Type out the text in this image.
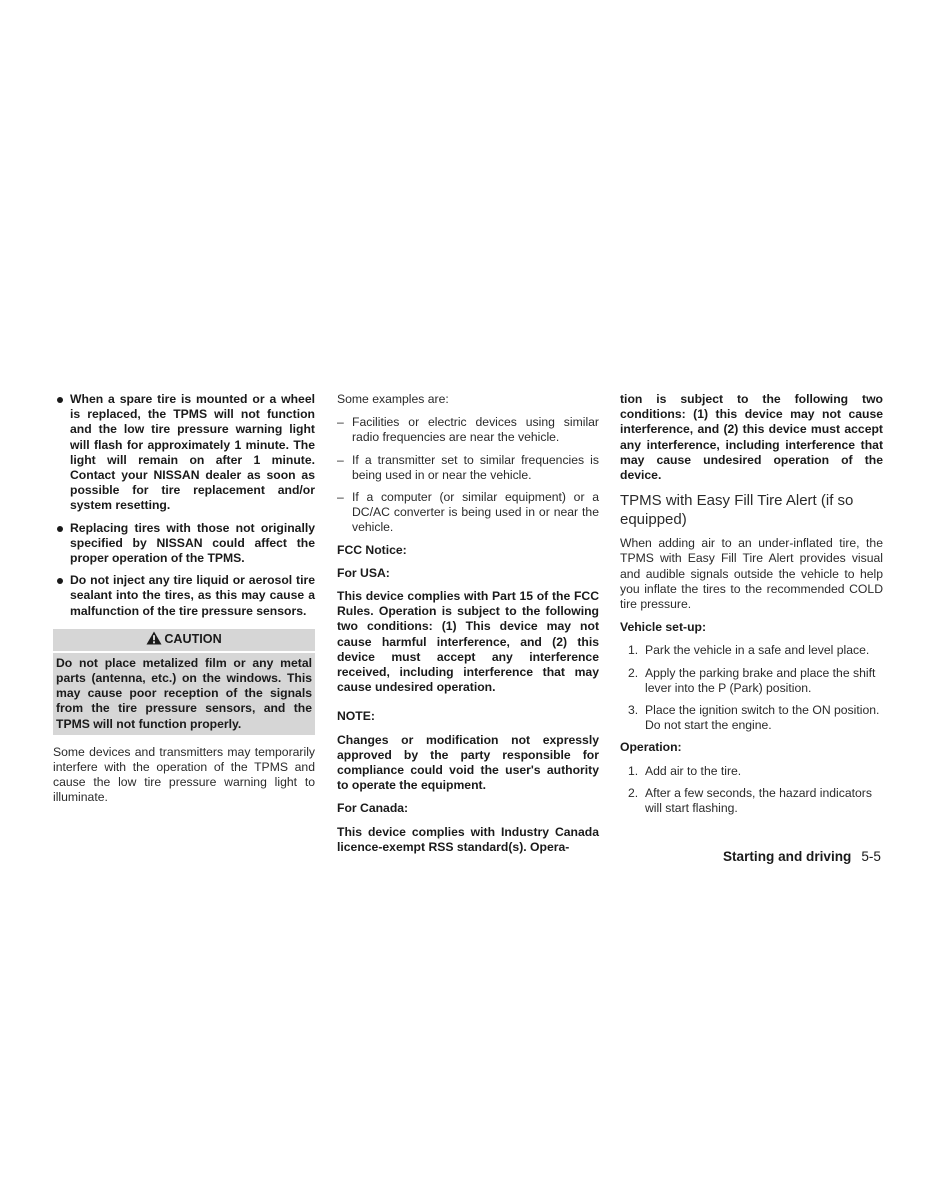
When a spare tire is mounted or a wheel is replaced, the TPMS will not function and the low tire pressure warning light will flash for approximately 1 minute. The light will remain on after 1 minute. Contact your NISSAN dealer as soon as possible for tire replacement and/or system resetting.

Replacing tires with those not originally specified by NISSAN could affect the proper operation of the TPMS.

Do not inject any tire liquid or aerosol tire sealant into the tires, as this may cause a malfunction of the tire pressure sensors.

CAUTION

Do not place metalized film or any metal parts (antenna, etc.) on the windows. This may cause poor reception of the signals from the tire pressure sensors, and the TPMS will not function properly.

Some devices and transmitters may temporarily interfere with the operation of the TPMS and cause the low tire pressure warning light to illuminate.

Some examples are:

– Facilities or electric devices using similar radio frequencies are near the vehicle.
– If a transmitter set to similar frequencies is being used in or near the vehicle.
– If a computer (or similar equipment) or a DC/AC converter is being used in or near the vehicle.

FCC Notice:

For USA:

This device complies with Part 15 of the FCC Rules. Operation is subject to the following two conditions: (1) This device may not cause harmful interference, and (2) this device must accept any interference received, including interference that may cause undesired operation.

NOTE:

Changes or modification not expressly approved by the party responsible for compliance could void the user's authority to operate the equipment.

For Canada:

This device complies with Industry Canada licence-exempt RSS standard(s). Opera-

tion is subject to the following two conditions: (1) this device may not cause interference, and (2) this device must accept any interference, including interference that may cause undesired operation of the device.

TPMS with Easy Fill Tire Alert (if so equipped)

When adding air to an under-inflated tire, the TPMS with Easy Fill Tire Alert provides visual and audible signals outside the vehicle to help you inflate the tires to the recommended COLD tire pressure.

Vehicle set-up:

1. Park the vehicle in a safe and level place.
2. Apply the parking brake and place the shift lever into the P (Park) position.
3. Place the ignition switch to the ON position. Do not start the engine.

Operation:

1. Add air to the tire.
2. After a few seconds, the hazard indicators will start flashing.
Starting and driving 5-5
